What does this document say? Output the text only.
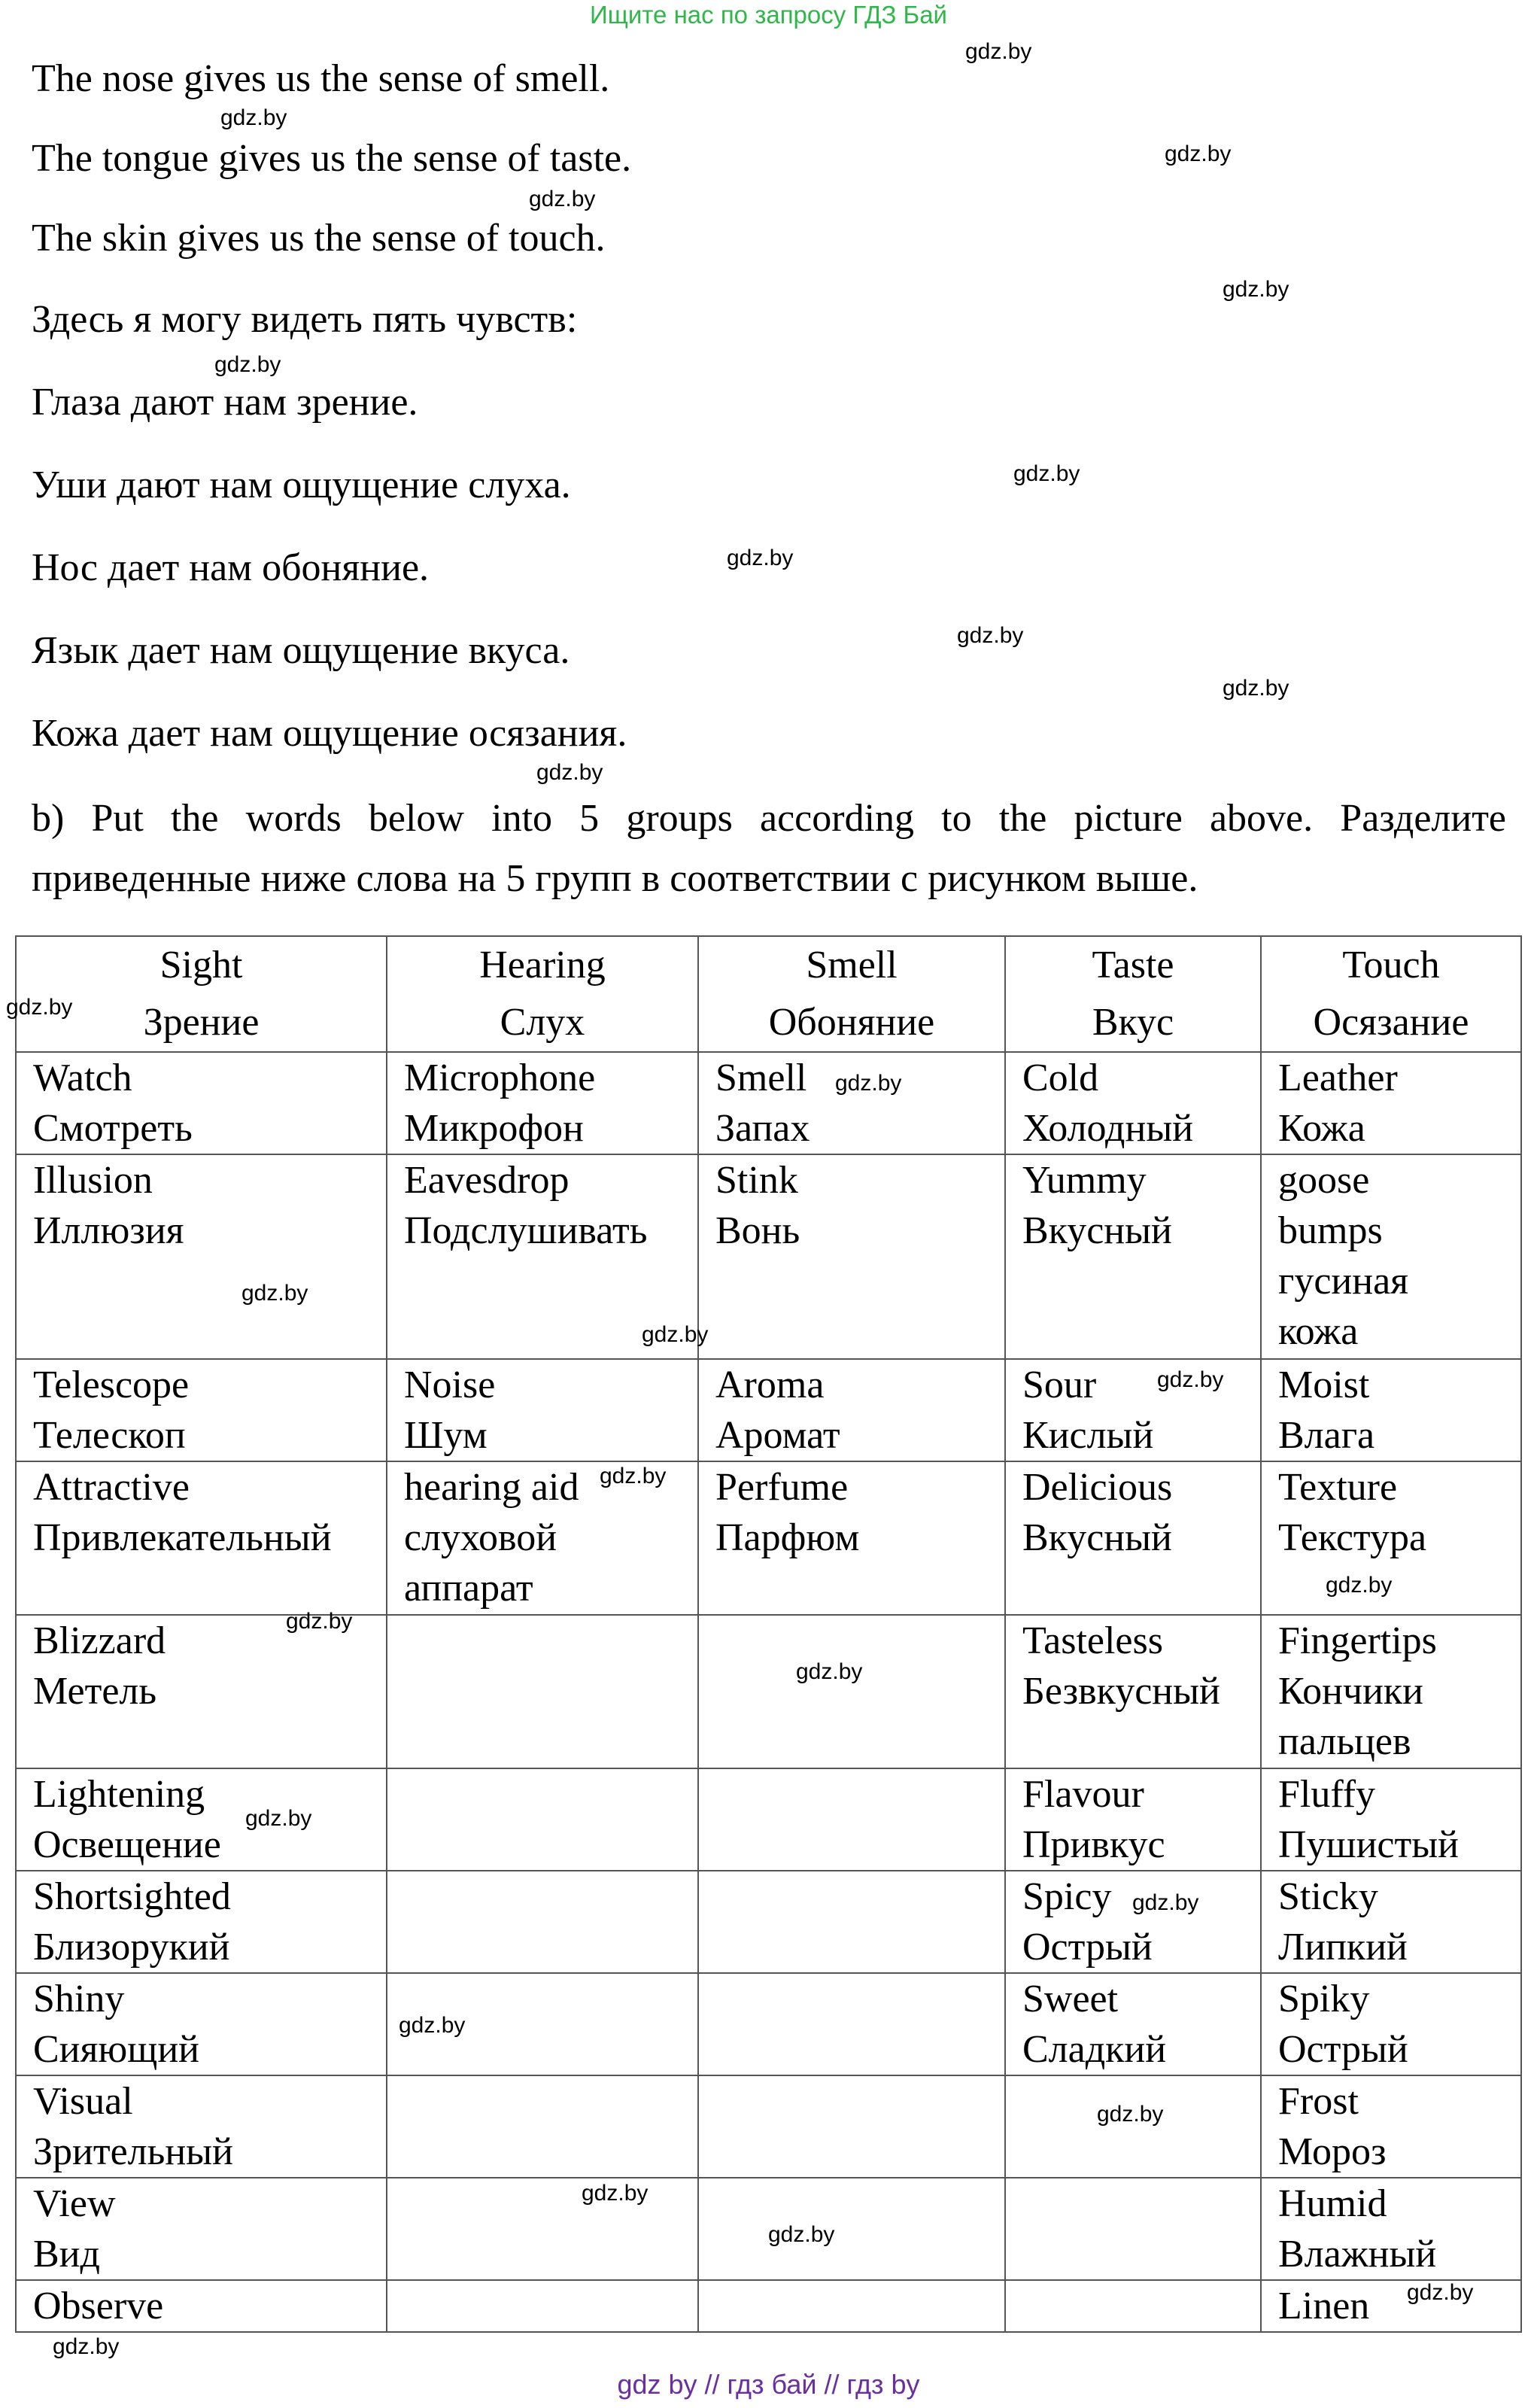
Ищите нас по запросу ГДЗ Бай
The nose gives us the sense of smell.
The tongue gives us the sense of taste.
The skin gives us the sense of touch.
Здесь я могу видеть пять чувств:
Глаза дают нам зрение.
Уши дают нам ощущение слуха.
Нос дает нам обоняние.
Язык дает нам ощущение вкуса.
Кожа дает нам ощущение осязания.
b) Put the words below into 5 groups according to the picture above. Разделите приведенные ниже слова на 5 групп в соответствии с рисунком выше.
Sight
Зрение	Hearing
Слух	Smell
Обоняние	Taste
Вкус	Touch
Осязание

Watch
Смотреть	Microphone
Микрофон	Smell
Запах	Cold
Холодный	Leather
Кожа

Illusion
Иллюзия	Eavesdrop
Подслушивать	Stink
Вонь	Yummy
Вкусный	goose
bumps
гусиная
кожа

Telescope
Телескоп	Noise
Шум	Aroma
Аромат	Sour
Кислый	Moist
Влага

Attractive
Привлекательный	hearing aid
слуховой
аппарат	Perfume
Парфюм	Delicious
Вкусный	Texture
Текстура

Blizzard
Метель			Tasteless
Безвкусный	Fingertips
Кончики
пальцев

Lightening
Освещение			Flavour
Привкус	Fluffy
Пушистый

Shortsighted
Близорукий			Spicy
Острый	Sticky
Липкий

Shiny
Сияющий			Sweet
Сладкий	Spiky
Острый

Visual
Зрительный				Frost
Мороз

View
Вид				Humid
Влажный

Observe				Linen
gdz.by
gdz.by
gdz.by
gdz.by
gdz.by
gdz.by
gdz.by
gdz.by
gdz.by
gdz.by
gdz.by
gdz.by
gdz.by
gdz.by
gdz.by
gdz.by
gdz.by
gdz.by
gdz.by
gdz.by
gdz.by
gdz.by
gdz.by
gdz.by
gdz.by
gdz.by
gdz.by
gdz.by
gdz by // гдз бай // гдз by
